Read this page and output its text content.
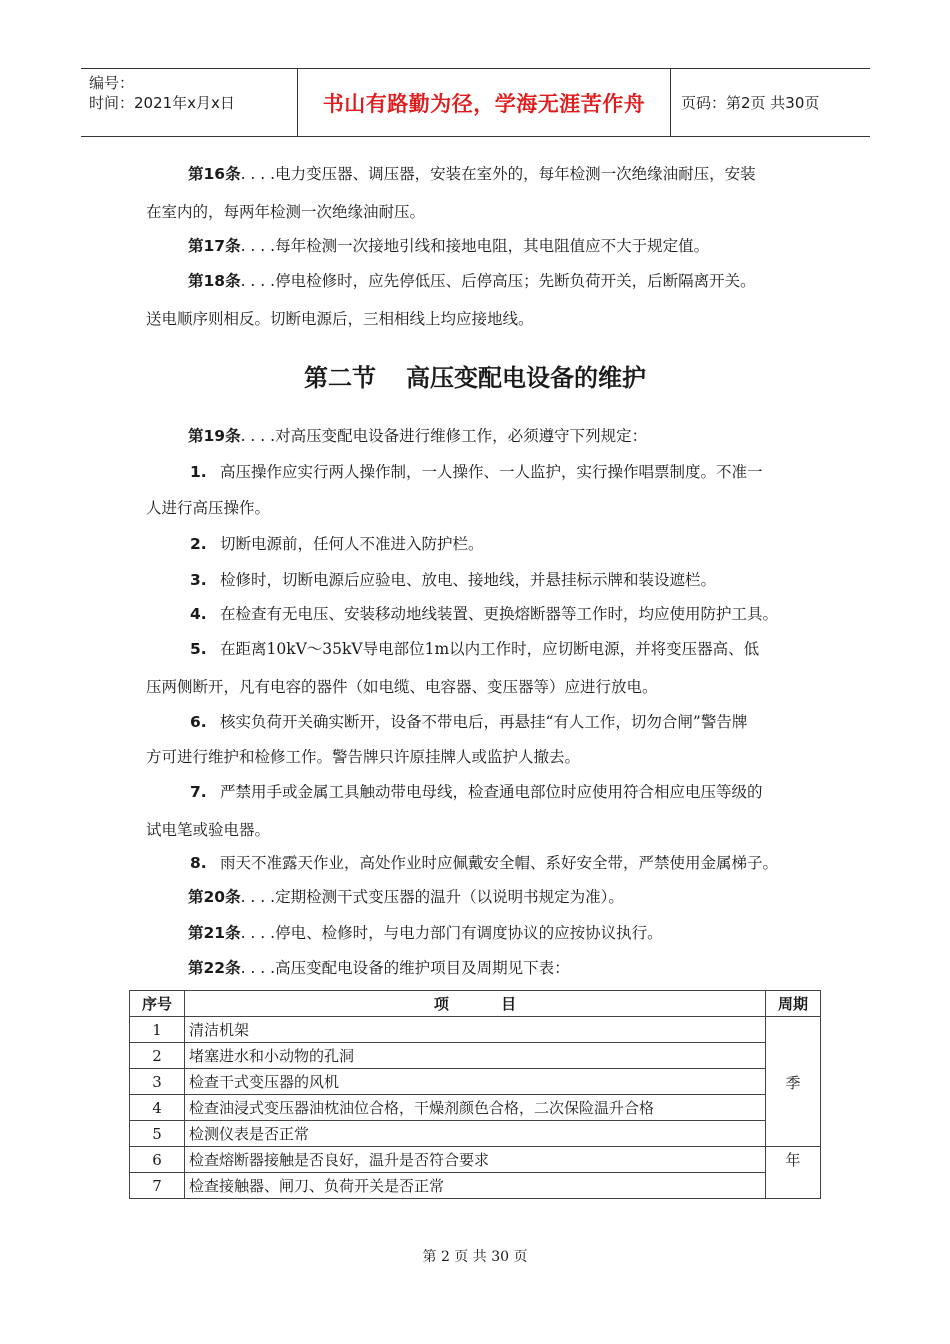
编号：
时间：2021年x月x日	书山有路勤为径，学海无涯苦作舟	页码：第2页 共30页
第16条. . . .电力变压器、调压器，安装在室外的，每年检测一次绝缘油耐压，安装
在室内的，每两年检测一次绝缘油耐压。
第17条. . . .每年检测一次接地引线和接地电阻，其电阻值应不大于规定值。
第18条. . . .停电检修时，应先停低压、后停高压；先断负荷开关，后断隔离开关。
送电顺序则相反。切断电源后，三相相线上均应接地线。
第二节 高压变配电设备的维护
第19条. . . .对高压变配电设备进行维修工作，必须遵守下列规定：
1. 高压操作应实行两人操作制，一人操作、一人监护，实行操作唱票制度。不准一
人进行高压操作。
2. 切断电源前，任何人不准进入防护栏。
3. 检修时，切断电源后应验电、放电、接地线，并悬挂标示牌和装设遮栏。
4. 在检查有无电压、安装移动地线装置、更换熔断器等工作时，均应使用防护工具。
5. 在距离10kV～35kV导电部位1m以内工作时，应切断电源，并将变压器高、低
压两侧断开，凡有电容的器件（如电缆、电容器、变压器等）应进行放电。
6. 核实负荷开关确实断开，设备不带电后，再悬挂“有人工作，切勿合闸”警告牌
方可进行维护和检修工作。警告牌只许原挂牌人或监护人撤去。
7. 严禁用手或金属工具触动带电母线，检查通电部位时应使用符合相应电压等级的
试电笔或验电器。
8. 雨天不准露天作业，高处作业时应佩戴安全帽、系好安全带，严禁使用金属梯子。
第20条. . . .定期检测干式变压器的温升（以说明书规定为准）。
第21条. . . .停电、检修时，与电力部门有调度协议的应按协议执行。
第22条. . . .高压变配电设备的维护项目及周期见下表：
序号	项          目	周期
1	清洁机架	季
2	堵塞进水和小动物的孔洞	
3	检查干式变压器的风机	
4	检查油浸式变压器油枕油位合格，干燥剂颜色合格，二次保险温升合格	
5	检测仪表是否正常	
6	检查熔断器接触是否良好，温升是否符合要求	年
7	检查接触器、闸刀、负荷开关是否正常	
第 2 页 共 30 页
